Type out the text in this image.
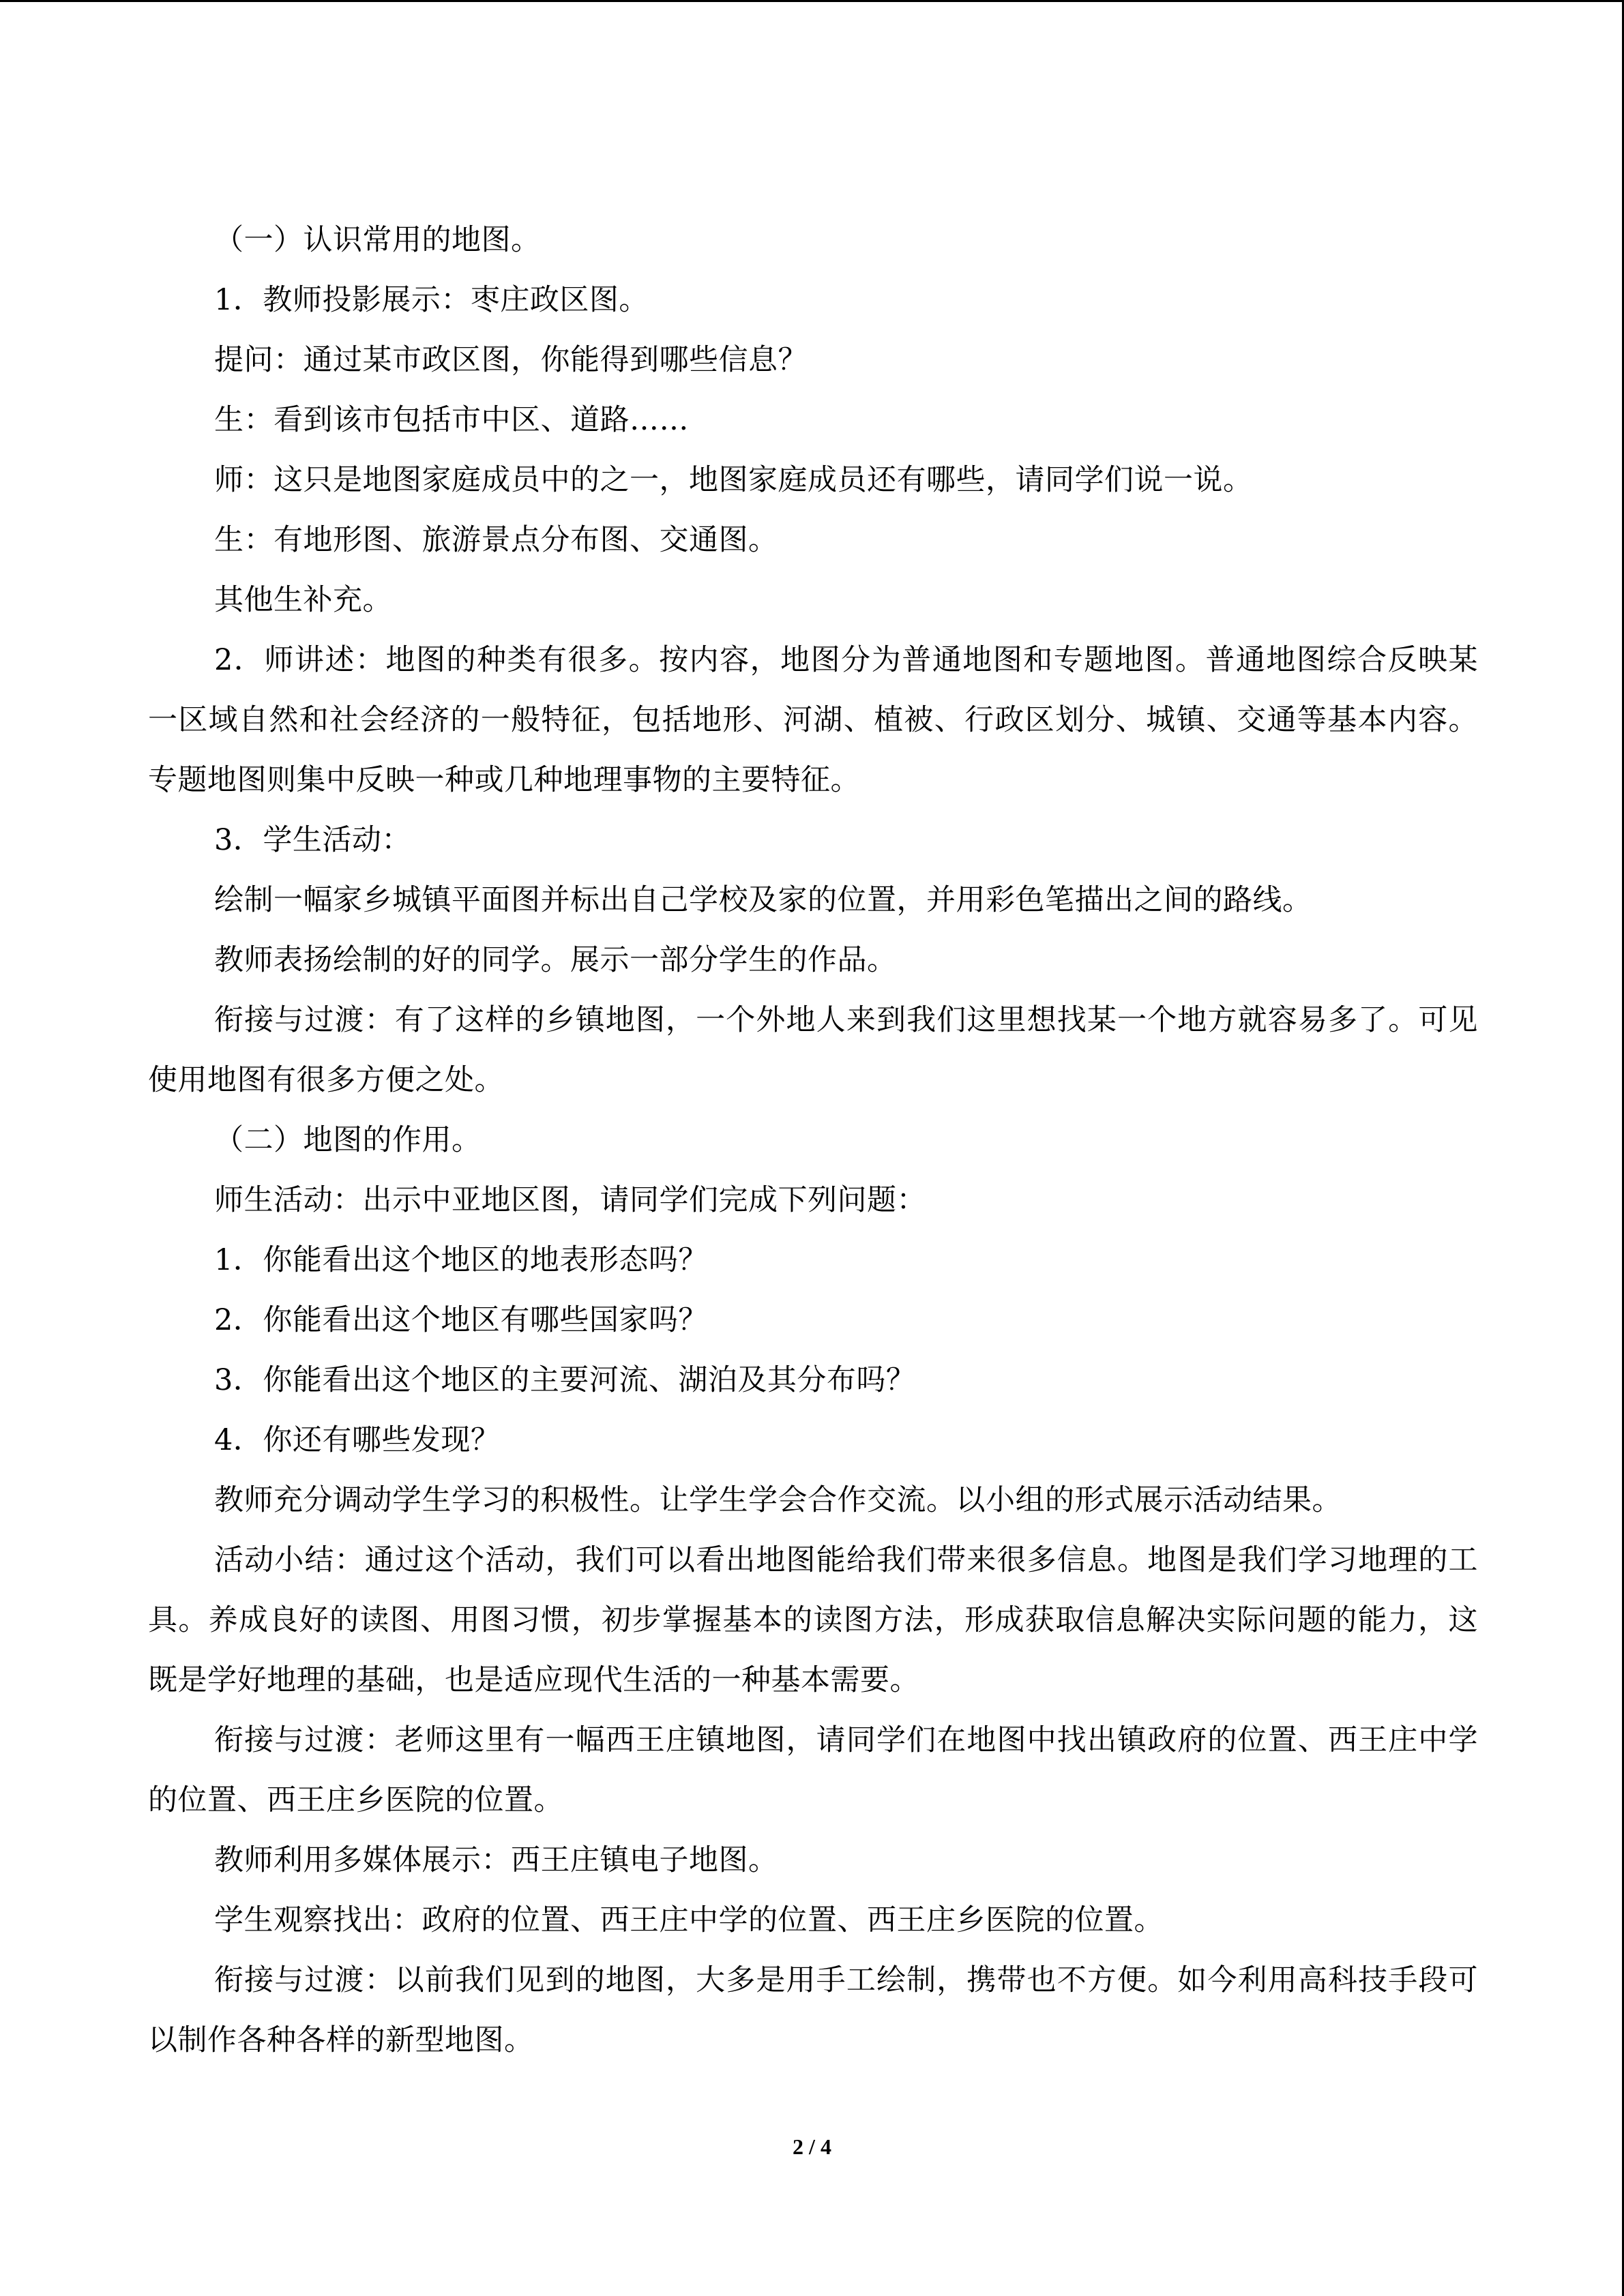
（一）认识常用的地图。

1．教师投影展示：枣庄政区图。

提问：通过某市政区图，你能得到哪些信息？

生：看到该市包括市中区、道路……

师：这只是地图家庭成员中的之一，地图家庭成员还有哪些，请同学们说一说。

生：有地形图、旅游景点分布图、交通图。

其他生补充。

2．师讲述：地图的种类有很多。按内容，地图分为普通地图和专题地图。普通地图综合反映某一区域自然和社会经济的一般特征，包括地形、河湖、植被、行政区划分、城镇、交通等基本内容。专题地图则集中反映一种或几种地理事物的主要特征。

3．学生活动：

绘制一幅家乡城镇平面图并标出自己学校及家的位置，并用彩色笔描出之间的路线。

教师表扬绘制的好的同学。展示一部分学生的作品。

衔接与过渡：有了这样的乡镇地图，一个外地人来到我们这里想找某一个地方就容易多了。可见使用地图有很多方便之处。

（二）地图的作用。

师生活动：出示中亚地区图，请同学们完成下列问题：

1．你能看出这个地区的地表形态吗？

2．你能看出这个地区有哪些国家吗？

3．你能看出这个地区的主要河流、湖泊及其分布吗？

4．你还有哪些发现？

教师充分调动学生学习的积极性。让学生学会合作交流。以小组的形式展示活动结果。

活动小结：通过这个活动，我们可以看出地图能给我们带来很多信息。地图是我们学习地理的工具。养成良好的读图、用图习惯，初步掌握基本的读图方法，形成获取信息解决实际问题的能力，这既是学好地理的基础，也是适应现代生活的一种基本需要。

衔接与过渡：老师这里有一幅西王庄镇地图，请同学们在地图中找出镇政府的位置、西王庄中学的位置、西王庄乡医院的位置。

教师利用多媒体展示：西王庄镇电子地图。

学生观察找出：政府的位置、西王庄中学的位置、西王庄乡医院的位置。

衔接与过渡：以前我们见到的地图，大多是用手工绘制，携带也不方便。如今利用高科技手段可以制作各种各样的新型地图。

2 / 4
